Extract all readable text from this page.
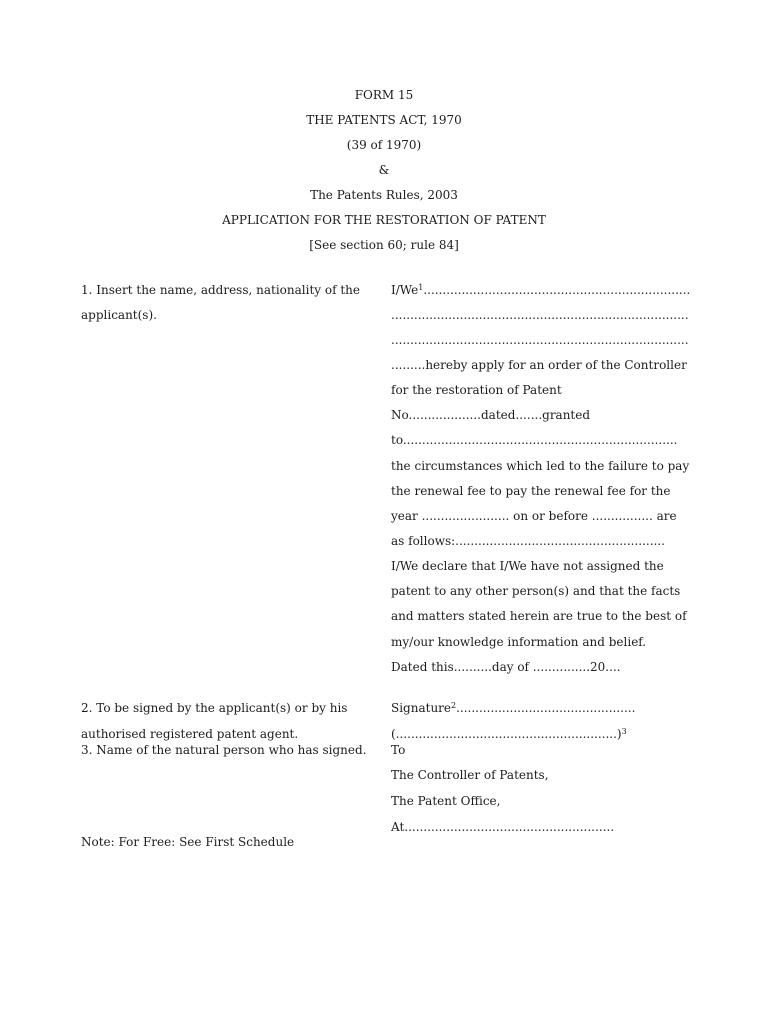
FORM 15
THE PATENTS ACT, 1970
(39 of 1970)
&
The Patents Rules, 2003
APPLICATION FOR THE RESTORATION OF PATENT
[See section 60; rule 84]
1. Insert the name, address, nationality of the
applicant(s).
2. To be signed by the applicant(s) or by his
authorised registered patent agent.
3. Name of the natural person who has signed.
Note: For Free: See First Schedule
I/We$^1$......................................................................
..............................................................................
..............................................................................
.........hereby apply for an order of the Controller
for the restoration of Patent
No...................dated.......granted
to........................................................................
the circumstances which led to the failure to pay
the renewal fee to pay the renewal fee for the
year ....................... on or before ................ are
as follows:.......................................................
I/We declare that I/We have not assigned the
patent to any other person(s) and that the facts
and matters stated herein are true to the best of
my/our knowledge information and belief.
Dated this..........day of ...............20....
Signature$^2$...............................................
(..........................................................)$^3$
To
The Controller of Patents,
The Patent Office,
At.......................................................
